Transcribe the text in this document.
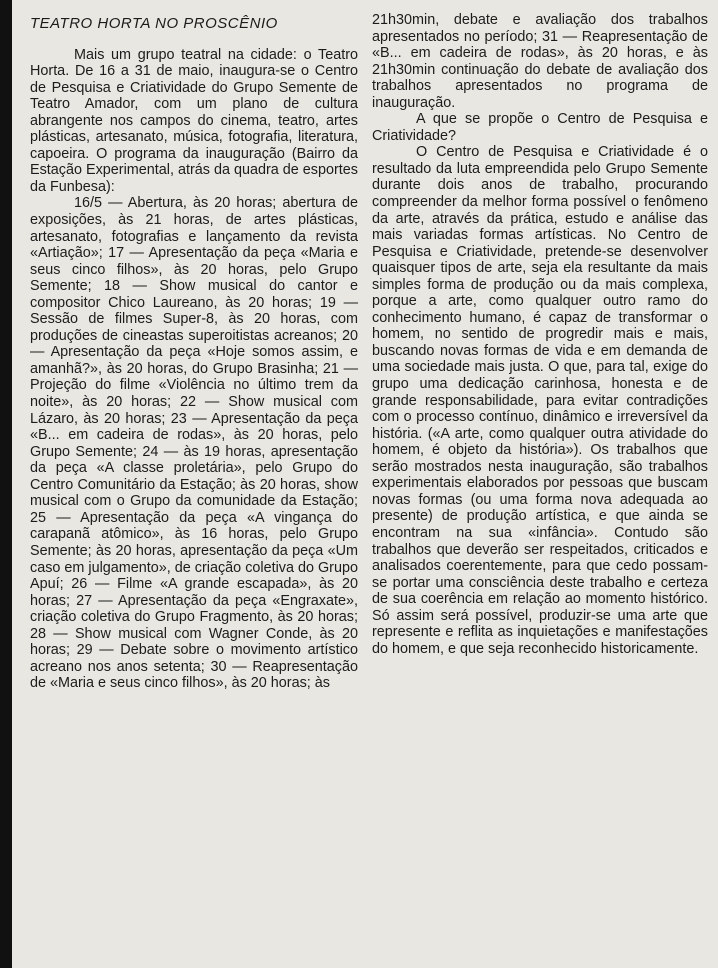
TEATRO HORTA NO PROSCÊNIO

Mais um grupo teatral na cidade: o Teatro Horta. De 16 a 31 de maio, inaugura-se o Centro de Pesquisa e Criatividade do Grupo Semente de Teatro Amador, com um plano de cultura abrangente nos campos do cinema, teatro, artes plásticas, artesanato, música, fotografia, literatura, capoeira. O programa da inauguração (Bairro da Estação Experimental, atrás da quadra de esportes da Funbesa):

16/5 — Abertura, às 20 horas; abertura de exposições, às 21 horas, de artes plásticas, artesanato, fotografias e lançamento da revista «Artiação»; 17 — Apresentação da peça «Maria e seus cinco filhos», às 20 horas, pelo Grupo Semente; 18 — Show musical do cantor e compositor Chico Laureano, às 20 horas; 19 — Sessão de filmes Super-8, às 20 horas, com produções de cineastas superoitistas acreanos; 20 — Apresentação da peça «Hoje somos assim, e amanhã?», às 20 horas, do Grupo Brasinha; 21 — Projeção do filme «Violência no último trem da noite», às 20 horas; 22 — Show musical com Lázaro, às 20 horas; 23 — Apresentação da peça «B... em cadeira de rodas», às 20 horas, pelo Grupo Semente; 24 — às 19 horas, apresentação da peça «A classe proletária», pelo Grupo do Centro Comunitário da Estação; às 20 horas, show musical com o Grupo da comunidade da Estação; 25 — Apresentação da peça «A vingança do carapanã atômico», às 16 horas, pelo Grupo Semente; às 20 horas, apresentação da peça «Um caso em julgamento», de criação coletiva do Grupo Apuí; 26 — Filme «A grande escapada», às 20 horas; 27 — Apresentação da peça «Engraxate», criação coletiva do Grupo Fragmento, às 20 horas; 28 — Show musical com Wagner Conde, às 20 horas; 29 — Debate sobre o movimento artístico acreano nos anos setenta; 30 — Reapresentação de «Maria e seus cinco filhos», às 20 horas; às

21h30min, debate e avaliação dos trabalhos apresentados no período; 31 — Reapresentação de «B... em cadeira de rodas», às 20 horas, e às 21h30min continuação do debate de avaliação dos trabalhos apresentados no programa de inauguração.

A que se propõe o Centro de Pesquisa e Criatividade?

O Centro de Pesquisa e Criatividade é o resultado da luta empreendida pelo Grupo Semente durante dois anos de trabalho, procurando compreender da melhor forma possível o fenômeno da arte, através da prática, estudo e análise das mais variadas formas artísticas. No Centro de Pesquisa e Criatividade, pretende-se desenvolver quaisquer tipos de arte, seja ela resultante da mais simples forma de produção ou da mais complexa, porque a arte, como qualquer outro ramo do conhecimento humano, é capaz de transformar o homem, no sentido de progredir mais e mais, buscando novas formas de vida e em demanda de uma sociedade mais justa. O que, para tal, exige do grupo uma dedicação carinhosa, honesta e de grande responsabilidade, para evitar contradições com o processo contínuo, dinâmico e irreversível da história. («A arte, como qualquer outra atividade do homem, é objeto da história»). Os trabalhos que serão mostrados nesta inauguração, são trabalhos experimentais elaborados por pessoas que buscam novas formas (ou uma forma nova adequada ao presente) de produção artística, e que ainda se encontram na sua «infância». Contudo são trabalhos que deverão ser respeitados, criticados e analisados coerentemente, para que cedo possam-se portar uma consciência deste trabalho e certeza de sua coerência em relação ao momento histórico. Só assim será possível, produzir-se uma arte que represente e reflita as inquietações e manifestações do homem, e que seja reconhecido historicamente.
